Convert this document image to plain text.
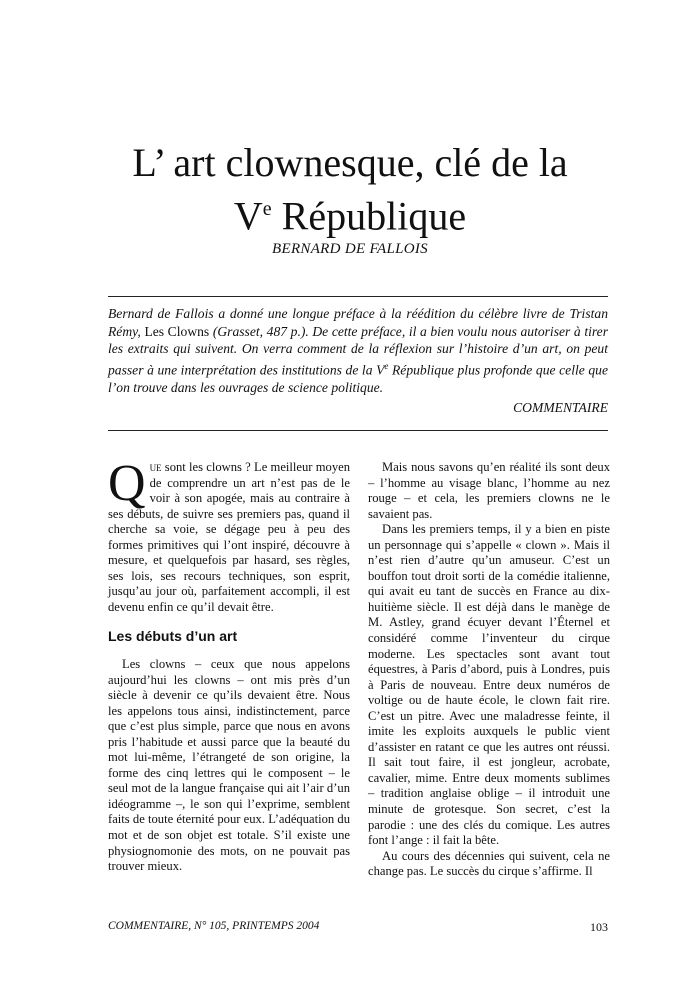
L’ art clownesque, clé de la
Ve République
BERNARD DE FALLOIS

Bernard de Fallois a donné une longue préface à la réédition du célèbre livre de Tristan Rémy, Les Clowns (Grasset, 487 p.). De cette préface, il a bien voulu nous autoriser à tirer les extraits qui suivent. On verra comment de la réflexion sur l’histoire d’un art, on peut passer à une interprétation des institutions de la Ve République plus profonde que celle que l’on trouve dans les ouvrages de science politique.

COMMENTAIRE

Que sont les clowns ? Le meilleur moyen de comprendre un art n’est pas de le voir à son apogée, mais au contraire à ses débuts, de suivre ses premiers pas, quand il cherche sa voie, se dégage peu à peu des formes primitives qui l’ont inspiré, découvre à mesure, et quelquefois par hasard, ses règles, ses lois, ses recours techniques, son esprit, jusqu’au jour où, parfaitement accompli, il est devenu enfin ce qu’il devait être.

Les débuts d’un art

Les clowns – ceux que nous appelons aujourd’hui les clowns – ont mis près d’un siècle à devenir ce qu’ils devaient être. Nous les appelons tous ainsi, indistinctement, parce que c’est plus simple, parce que nous en avons pris l’habitude et aussi parce que la beauté du mot lui-même, l’étrangeté de son origine, la forme des cinq lettres qui le composent – le seul mot de la langue française qui ait l’air d’un idéogramme –, le son qui l’exprime, semblent faits de toute éternité pour eux. L’adéquation du mot et de son objet est totale. S’il existe une physiognomonie des mots, on ne pouvait pas trouver mieux.

Mais nous savons qu’en réalité ils sont deux – l’homme au visage blanc, l’homme au nez rouge – et cela, les premiers clowns ne le savaient pas.

Dans les premiers temps, il y a bien en piste un personnage qui s’appelle « clown ». Mais il n’est rien d’autre qu’un amuseur. C’est un bouffon tout droit sorti de la comédie italienne, qui avait eu tant de succès en France au dix-huitième siècle. Il est déjà dans le manège de M. Astley, grand écuyer devant l’Éternel et considéré comme l’inventeur du cirque moderne. Les spectacles sont avant tout équestres, à Paris d’abord, puis à Londres, puis à Paris de nouveau. Entre deux numéros de voltige ou de haute école, le clown fait rire. C’est un pitre. Avec une maladresse feinte, il imite les exploits auxquels le public vient d’assister en ratant ce que les autres ont réussi. Il sait tout faire, il est jongleur, acrobate, cavalier, mime. Entre deux moments sublimes – tradition anglaise oblige – il introduit une minute de grotesque. Son secret, c’est la parodie : une des clés du comique. Les autres font l’ange : il fait la bête.

Au cours des décennies qui suivent, cela ne change pas. Le succès du cirque s’affirme. Il

COMMENTAIRE, N° 105, PRINTEMPS 2004	103
